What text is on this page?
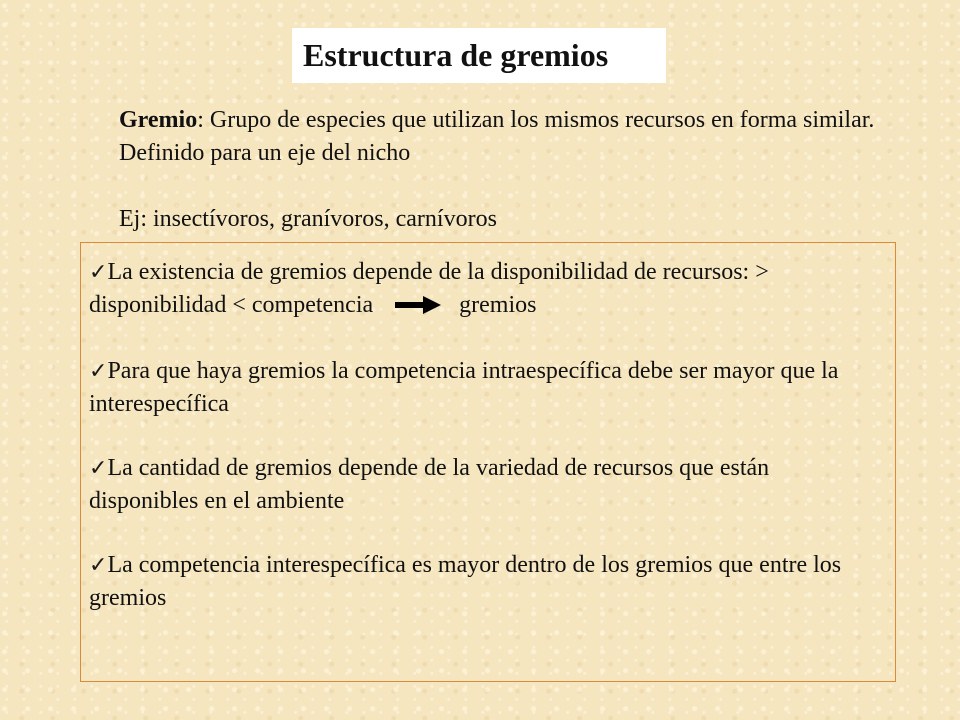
Estructura de gremios
Gremio: Grupo de especies que utilizan los mismos recursos en forma similar. Definido para un eje del nicho
Ej: insectívoros, granívoros, carnívoros
✓La existencia de gremios depende de la disponibilidad de recursos: > disponibilidad < competencia	gremios
✓Para que haya gremios la competencia intraespecífica debe ser mayor que la interespecífica
✓La cantidad de gremios depende de la variedad de recursos que están disponibles en el ambiente
✓La competencia interespecífica es mayor dentro de los gremios que entre los gremios
